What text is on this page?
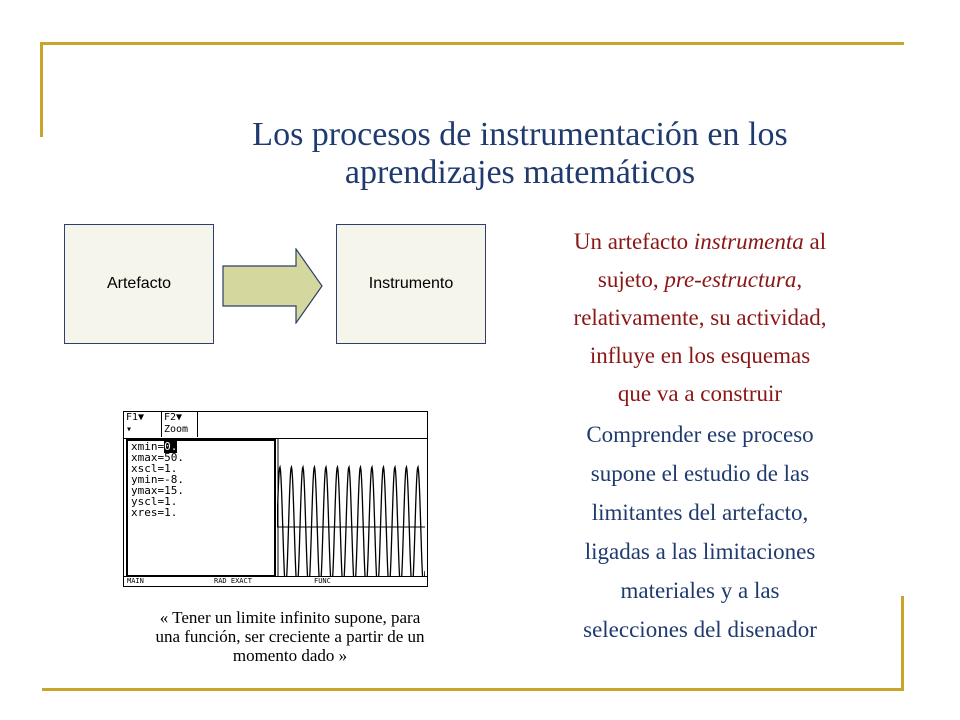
Los procesos de instrumentación en los
aprendizajes matemáticos
Artefacto	Instrumento
Un artefacto instrumenta al
sujeto, pre-estructura,
relativamente, su actividad,
influye en los esquemas
que va a construir
Comprender ese proceso
supone el estudio de las
limitantes del artefacto,
ligadas a las limitaciones
materiales y a las
selecciones del disenador
F1▼
▾
F2▼
Zoom
xmin=0.
xmax=50.
xscl=1.
ymin=-8.
ymax=15.
yscl=1.
xres=1.
MAIN	RAD EXACT	FUNC
« Tener un limite infinito supone, para
una función, ser creciente a partir de un
momento dado »
